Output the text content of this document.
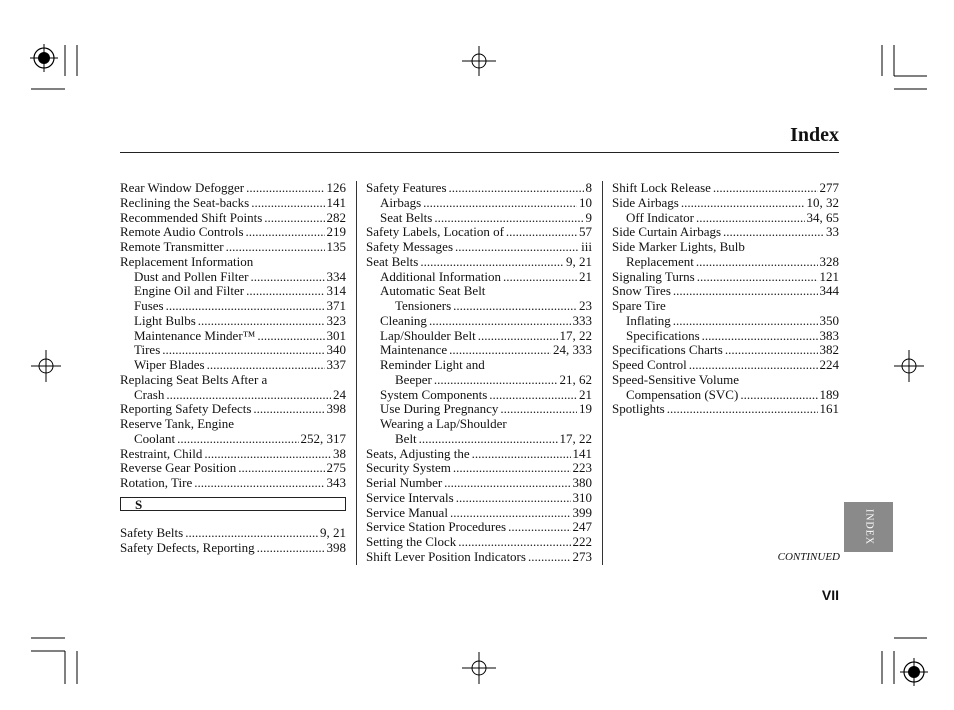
Index
Rear Window Defogger .....	126
Reclining the Seat-backs .....	141
Recommended Shift Points .....	282
Remote Audio Controls .....	219
Remote Transmitter .....	135
Replacement Information
Dust and Pollen Filter .....	334
Engine Oil and Filter .....	314
Fuses .....	371
Light Bulbs .....	323
Maintenance Minder™ .....	301
Tires .....	340
Wiper Blades .....	337
Replacing Seat Belts After a
Crash .....	24
Reporting Safety Defects .....	398
Reserve Tank, Engine
Coolant .....	252, 317
Restraint, Child .....	38
Reverse Gear Position .....	275
Rotation, Tire .....	343
S
Safety Belts .....	9, 21
Safety Defects, Reporting .....	398
Safety Features .....	8
Airbags .....	10
Seat Belts .....	9
Safety Labels, Location of .....	57
Safety Messages .....	iii
Seat Belts .....	9, 21
Additional Information .....	21
Automatic Seat Belt
Tensioners .....	23
Cleaning .....	333
Lap/Shoulder Belt .....	17, 22
Maintenance .....	24, 333
Reminder Light and
Beeper .....	21, 62
System Components .....	21
Use During Pregnancy .....	19
Wearing a Lap/Shoulder
Belt .....	17, 22
Seats, Adjusting the .....	141
Security System .....	223
Serial Number .....	380
Service Intervals .....	310
Service Manual .....	399
Service Station Procedures .....	247
Setting the Clock .....	222
Shift Lever Position Indicators .....	273
Shift Lock Release .....	277
Side Airbags .....	10, 32
Off Indicator .....	34, 65
Side Curtain Airbags .....	33
Side Marker Lights, Bulb
Replacement .....	328
Signaling Turns .....	121
Snow Tires .....	344
Spare Tire
Inflating .....	350
Specifications .....	383
Specifications Charts .....	382
Speed Control .....	224
Speed-Sensitive Volume
Compensation (SVC) .....	189
Spotlights .....	161
INDEX
CONTINUED
VII
